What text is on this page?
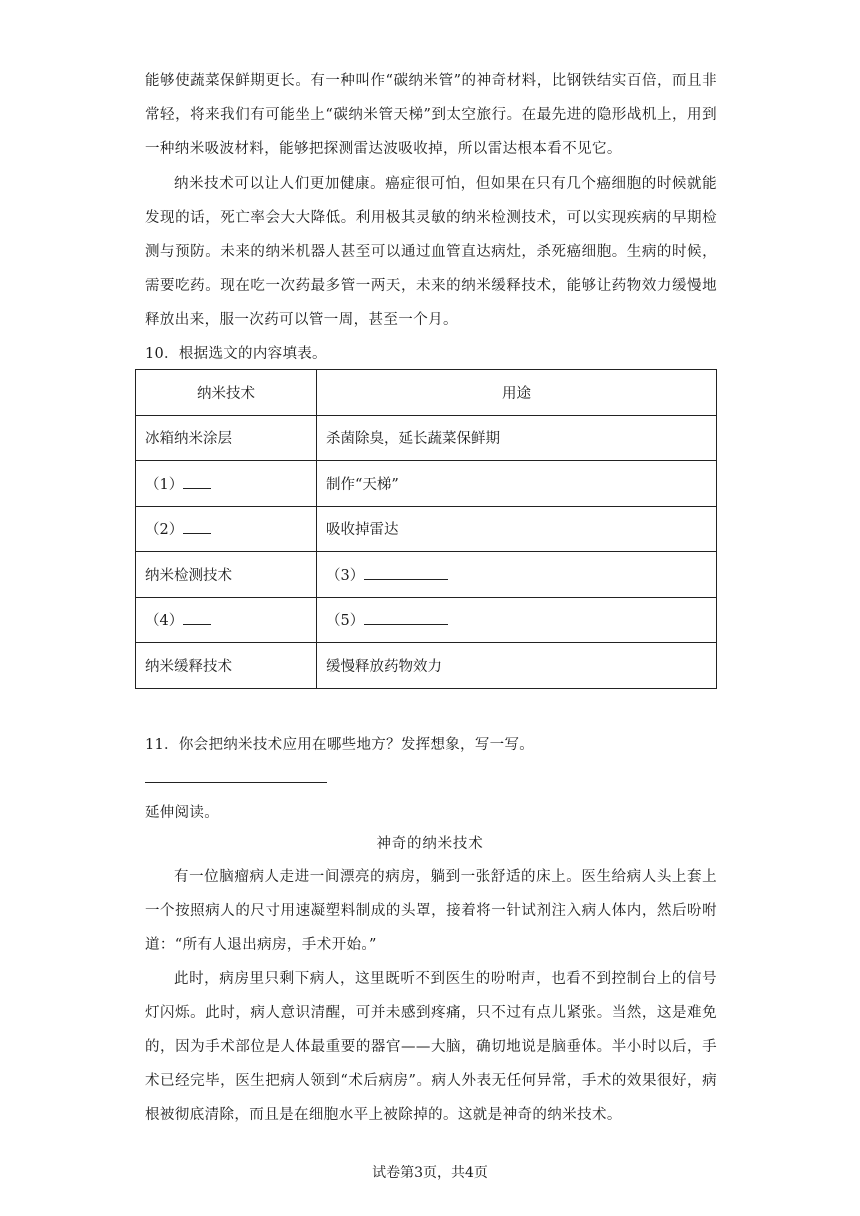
能够使蔬菜保鲜期更长。有一种叫作“碳纳米管”的神奇材料，比钢铁结实百倍，而且非常轻，将来我们有可能坐上“碳纳米管天梯”到太空旅行。在最先进的隐形战机上，用到一种纳米吸波材料，能够把探测雷达波吸收掉，所以雷达根本看不见它。
纳米技术可以让人们更加健康。癌症很可怕，但如果在只有几个癌细胞的时候就能发现的话，死亡率会大大降低。利用极其灵敏的纳米检测技术，可以实现疾病的早期检测与预防。未来的纳米机器人甚至可以通过血管直达病灶，杀死癌细胞。生病的时候，需要吃药。现在吃一次药最多管一两天，未来的纳米缓释技术，能够让药物效力缓慢地释放出来，服一次药可以管一周，甚至一个月。
10．根据选文的内容填表。
纳米技术	用途
冰箱纳米涂层	杀菌除臭，延长蔬菜保鲜期
（1）	制作“天梯”
（2）	吸收掉雷达
纳米检测技术	（3）
（4）	（5）
纳米缓释技术	缓慢释放药物效力
11．你会把纳米技术应用在哪些地方？发挥想象，写一写。
延伸阅读。
神奇的纳米技术
有一位脑瘤病人走进一间漂亮的病房，躺到一张舒适的床上。医生给病人头上套上一个按照病人的尺寸用速凝塑料制成的头罩，接着将一针试剂注入病人体内，然后吩咐道：“所有人退出病房，手术开始。”
此时，病房里只剩下病人，这里既听不到医生的吩咐声，也看不到控制台上的信号灯闪烁。此时，病人意识清醒，可并未感到疼痛，只不过有点儿紧张。当然，这是难免的，因为手术部位是人体最重要的器官——大脑，确切地说是脑垂体。半小时以后，手术已经完毕，医生把病人领到“术后病房”。病人外表无任何异常，手术的效果很好，病根被彻底清除，而且是在细胞水平上被除掉的。这就是神奇的纳米技术。
试卷第3页，共4页
